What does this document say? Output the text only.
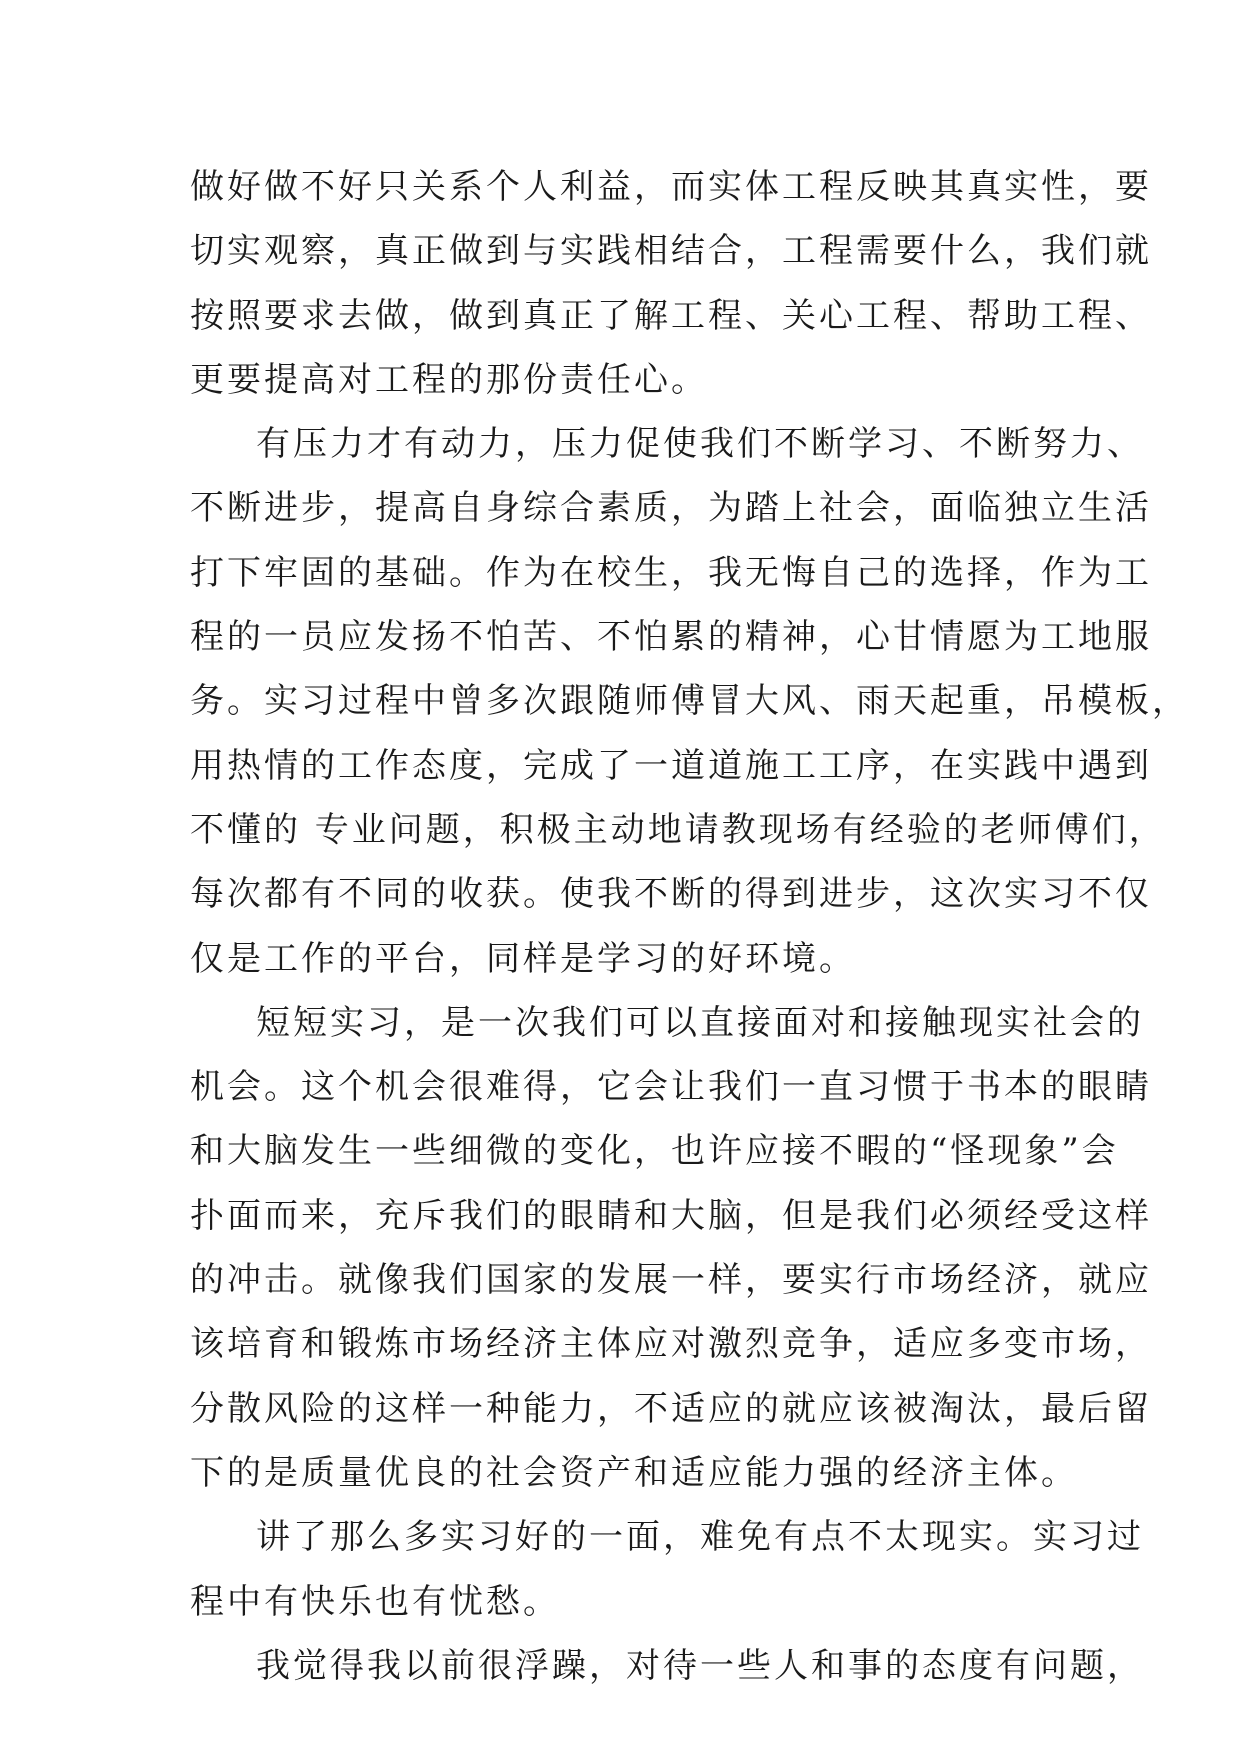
做好做不好只关系个人利益，而实体工程反映其真实性，要
切实观察，真正做到与实践相结合，工程需要什么，我们就
按照要求去做，做到真正了解工程、关心工程、帮助工程、
更要提高对工程的那份责任心。
有压力才有动力，压力促使我们不断学习、不断努力、
不断进步，提高自身综合素质，为踏上社会，面临独立生活
打下牢固的基础。作为在校生，我无悔自己的选择，作为工
程的一员应发扬不怕苦、不怕累的精神，心甘情愿为工地服
务。实习过程中曾多次跟随师傅冒大风、雨天起重，吊模板，
用热情的工作态度，完成了一道道施工工序，在实践中遇到
不懂的 专业问题，积极主动地请教现场有经验的老师傅们，
每次都有不同的收获。使我不断的得到进步，这次实习不仅
仅是工作的平台，同样是学习的好环境。
短短实习，是一次我们可以直接面对和接触现实社会的
机会。这个机会很难得，它会让我们一直习惯于书本的眼睛
和大脑发生一些细微的变化，也许应接不暇的“怪现象”会
扑面而来，充斥我们的眼睛和大脑，但是我们必须经受这样
的冲击。就像我们国家的发展一样，要实行市场经济，就应
该培育和锻炼市场经济主体应对激烈竞争，适应多变市场，
分散风险的这样一种能力，不适应的就应该被淘汰，最后留
下的是质量优良的社会资产和适应能力强的经济主体。
讲了那么多实习好的一面，难免有点不太现实。实习过
程中有快乐也有忧愁。
我觉得我以前很浮躁，对待一些人和事的态度有问题，
